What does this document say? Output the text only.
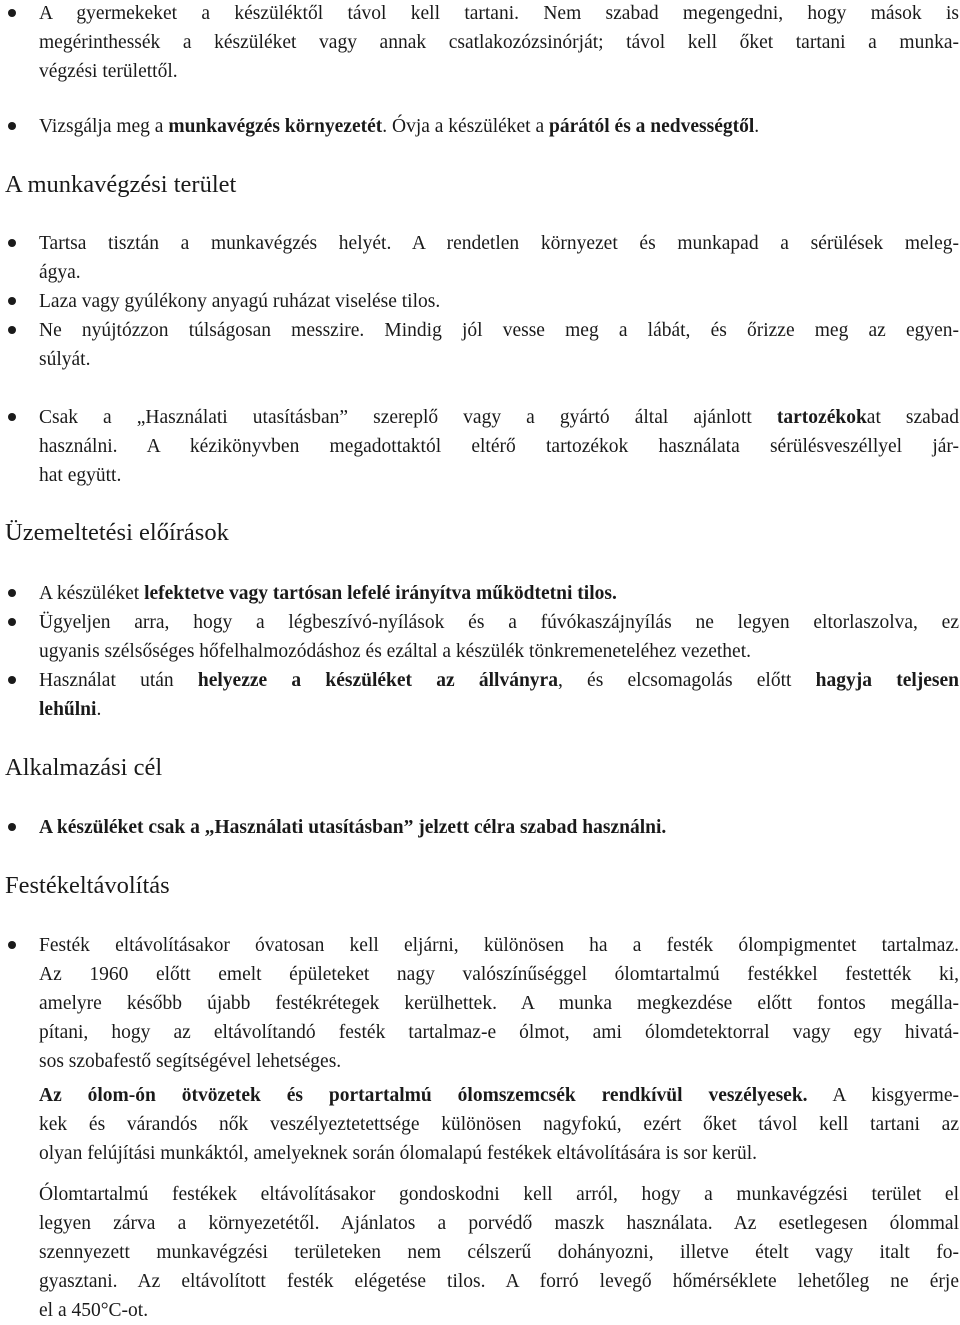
A gyermekeket a készüléktől távol kell tartani. Nem szabad megengedni, hogy mások is
megérinthessék a készüléket vagy annak csatlakozózsinórját; távol kell őket tartani a munka-
végzési területtől.
Vizsgálja meg a munkavégzés környezetét. Óvja a készüléket a párától és a nedvességtől.
A munkavégzési terület
Tartsa tisztán a munkavégzés helyét. A rendetlen környezet és munkapad a sérülések meleg-
ágya.
Laza vagy gyúlékony anyagú ruházat viselése tilos.
Ne nyújtózzon túlságosan messzire. Mindig jól vesse meg a lábát, és őrizze meg az egyen-
súlyát.
Csak a „Használati utasításban” szereplő vagy a gyártó által ajánlott tartozékokat szabad
használni. A kézikönyvben megadottaktól eltérő tartozékok használata sérülésveszéllyel jár-
hat együtt.
Üzemeltetési előírások
A készüléket lefektetve vagy tartósan lefelé irányítva működtetni tilos.
Ügyeljen arra, hogy a légbeszívó-nyílások és a fúvókaszájnyílás ne legyen eltorlaszolva, ez
ugyanis szélsőséges hőfelhalmozódáshoz és ezáltal a készülék tönkremeneteléhez vezethet.
Használat után helyezze a készüléket az állványra, és elcsomagolás előtt hagyja teljesen
lehűlni.
Alkalmazási cél
A készüléket csak a „Használati utasításban” jelzett célra szabad használni.
Festékeltávolítás
Festék eltávolításakor óvatosan kell eljárni, különösen ha a festék ólompigmentet tartalmaz.
Az 1960 előtt emelt épületeket nagy valószínűséggel ólomtartalmú festékkel festették ki,
amelyre később újabb festékrétegek kerülhettek. A munka megkezdése előtt fontos megálla-
pítani, hogy az eltávolítandó festék tartalmaz-e ólmot, ami ólomdetektorral vagy egy hivatá-
sos szobafestő segítségével lehetséges.
Az ólom-ón ötvözetek és portartalmú ólomszemcsék rendkívül veszélyesek. A kisgyerme-
kek és várandós nők veszélyeztetettsége különösen nagyfokú, ezért őket távol kell tartani az
olyan felújítási munkáktól, amelyeknek során ólomalapú festékek eltávolítására is sor kerül.
Ólomtartalmú festékek eltávolításakor gondoskodni kell arról, hogy a munkavégzési terület el
legyen zárva a környezetétől. Ajánlatos a porvédő maszk használata. Az esetlegesen ólommal
szennyezett munkavégzési területeken nem célszerű dohányozni, illetve ételt vagy italt fo-
gyasztani. Az eltávolított festék elégetése tilos. A forró levegő hőmérséklete lehetőleg ne érje
el a 450°C-ot.
